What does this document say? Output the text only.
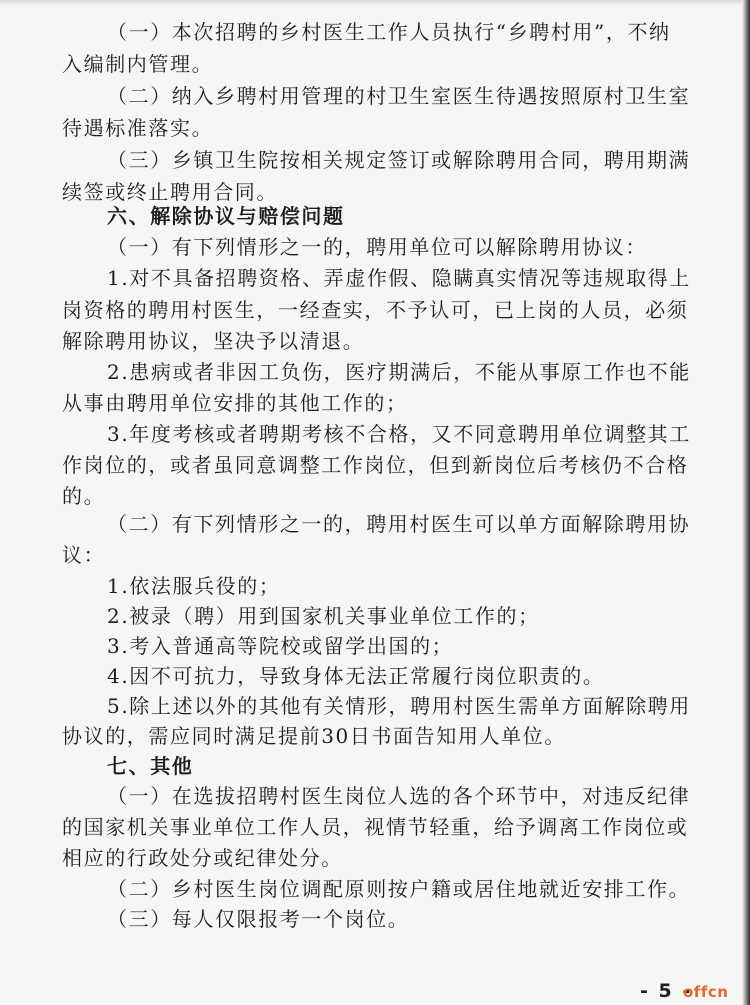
（一）本次招聘的乡村医生工作人员执行“乡聘村用”，不纳
入编制内管理。
（二）纳入乡聘村用管理的村卫生室医生待遇按照原村卫生室
待遇标准落实。
（三）乡镇卫生院按相关规定签订或解除聘用合同，聘用期满
续签或终止聘用合同。
六、解除协议与赔偿问题
（一）有下列情形之一的，聘用单位可以解除聘用协议：
1.对不具备招聘资格、弄虚作假、隐瞒真实情况等违规取得上
岗资格的聘用村医生，一经查实，不予认可，已上岗的人员，必须
解除聘用协议，坚决予以清退。
2.患病或者非因工负伤，医疗期满后，不能从事原工作也不能
从事由聘用单位安排的其他工作的；
3.年度考核或者聘期考核不合格，又不同意聘用单位调整其工
作岗位的，或者虽同意调整工作岗位，但到新岗位后考核仍不合格
的。
（二）有下列情形之一的，聘用村医生可以单方面解除聘用协
议：
1.依法服兵役的；
2.被录（聘）用到国家机关事业单位工作的；
3.考入普通高等院校或留学出国的；
4.因不可抗力，导致身体无法正常履行岗位职责的。
5.除上述以外的其他有关情形，聘用村医生需单方面解除聘用
协议的，需应同时满足提前30日书面告知用人单位。
七、其他
（一）在选拔招聘村医生岗位人选的各个环节中，对违反纪律
的国家机关事业单位工作人员，视情节轻重，给予调离工作岗位或
相应的行政处分或纪律处分。
（二）乡村医生岗位调配原则按户籍或居住地就近安排工作。
（三）每人仅限报考一个岗位。
- 5 -
offcn
